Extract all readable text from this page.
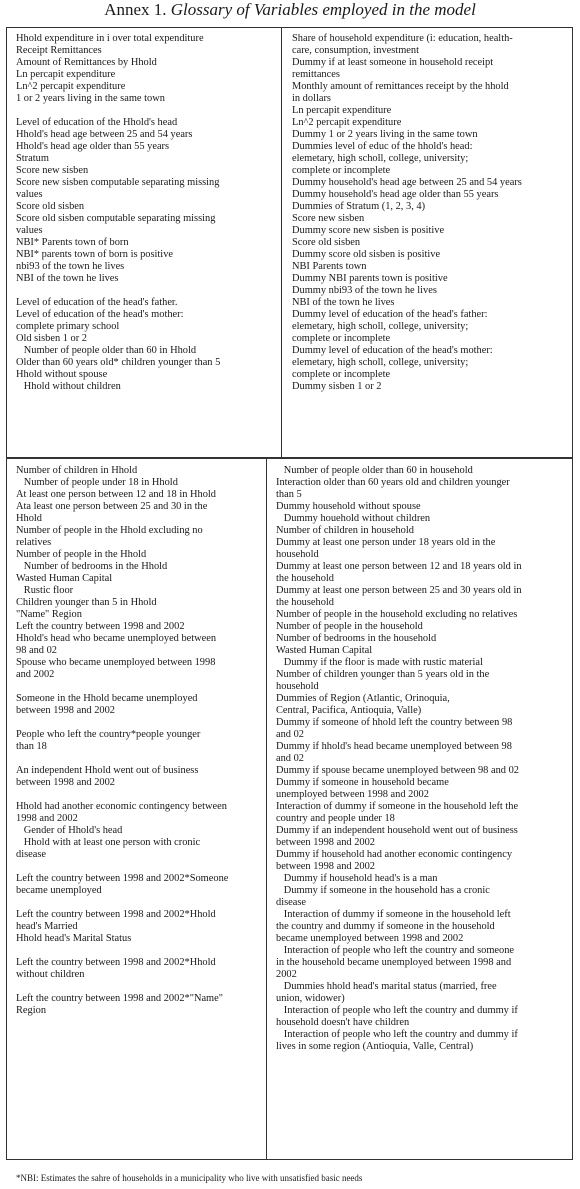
Annex 1. Glossary of Variables employed in the model
Hhold expenditure in i over total expenditure
Receipt Remittances
Amount of Remittances by Hhold
Ln percapit expenditure
Ln^2 percapit expenditure
1 or 2 years living in the same town
Level of education of the Hhold's head
Hhold's head age between 25 and 54 years
Hhold's head age older than 55 years
Stratum
Score new sisben
Score new sisben computable separating missing
values
Score old sisben
Score old sisben computable separating missing
values
NBI* Parents town of born
NBI* parents town of born is positive
nbi93 of the town he lives
NBI of the town he lives
Level of education of the head's father.
Level of education of the head's mother:
complete primary school
Old sisben 1 or 2
Number of people older than 60 in Hhold
Older than 60 years old* children younger than 5
Hhold without spouse
Hhold without children
Share of household expenditure (i: education, health-
care, consumption, investment
Dummy if at least someone in household receipt
remittances
Monthly amount of remittances receipt by the hhold
in dollars
Ln percapit expenditure
Ln^2 percapit expenditure
Dummy 1 or 2 years living in the same town
Dummies level of educ of the hhold's head:
elemetary, high scholl, college, university;
complete or incomplete
Dummy household's head age between 25 and 54 years
Dummy household's head age older than 55 years
Dummies of Stratum (1, 2, 3, 4)
Score new sisben
Dummy score new sisben is positive
Score old sisben
Dummy score old sisben is positive
NBI Parents town
Dummy NBI parents town is positive
Dummy nbi93 of the town he lives
NBI of the town he lives
Dummy level of education of the head's father:
elemetary, high scholl, college, university;
complete or incomplete
Dummy level of education of the head's mother:
elemetary, high scholl, college, university;
complete or incomplete
Dummy sisben 1 or 2
Number of children in Hhold
Number of people under 18 in Hhold
At least one person between 12 and 18 in Hhold
Ata least one person between 25 and 30 in the
Hhold
Number of people in the Hhold excluding no
relatives
Number of people in the Hhold
Number of bedrooms in the Hhold
Wasted Human Capital
Rustic floor
Children younger than 5 in Hhold
"Name" Region
Left the country between 1998 and 2002
Hhold's head who became unemployed between
98 and 02
Spouse who became unemployed between 1998
and 2002
Someone in the Hhold became unemployed
between 1998 and 2002
People who left the country*people younger
than 18
An independent Hhold went out of business
between 1998 and 2002
Hhold had another economic contingency between
1998 and 2002
Gender of Hhold's head
Hhold with at least one person with cronic
disease
Left the country between 1998 and 2002*Someone
became unemployed
Left the country between 1998 and 2002*Hhold
head's Married
Hhold head's Marital Status
Left the country between 1998 and 2002*Hhold
without children
Left the country between 1998 and 2002*"Name"
Region
Number of people older than 60 in household
Interaction older than 60 years old and children younger
than 5
Dummy household without spouse
Dummy houehold without children
Number of children in household
Dummy at least one person under 18 years old in the
household
Dummy at least one person between 12 and 18 years old in
the household
Dummy at least one person between 25 and 30 years old in
the household
Number of people in the household excluding no relatives
Number of people in the household
Number of bedrooms in the household
Wasted Human Capital
Dummy if the floor is made with rustic material
Number of children younger than 5 years old in the
household
Dummies of Region (Atlantic, Orinoquia,
Central, Pacifica, Antioquia, Valle)
Dummy if someone of hhold left the country between 98
and 02
Dummy if hhold's head became unemployed between 98
and 02
Dummy if spouse became unemployed between 98 and 02
Dummy if someone in household became
unemployed between 1998 and 2002
Interaction of dummy if someone in the household left the
country and people under 18
Dummy if an independent household went out of business
between 1998 and 2002
Dummy if household had another economic contingency
between 1998 and 2002
Dummy if household head's is a man
Dummy if someone in the household has a cronic
disease
Interaction of dummy if someone in the household left
the country and dummy if someone in the household
became unemployed between 1998 and 2002
Interaction of people who left the country and someone
in the household became unemployed between 1998 and
2002
Dummies hhold head's marital status (married, free
union, widower)
Interaction of people who left the country and dummy if
household doesn't have children
Interaction of people who left the country and dummy if
lives in some region (Antioquia, Valle, Central)
*NBI: Estimates the sahre of households in a municipality who live with unsatisfied basic needs
